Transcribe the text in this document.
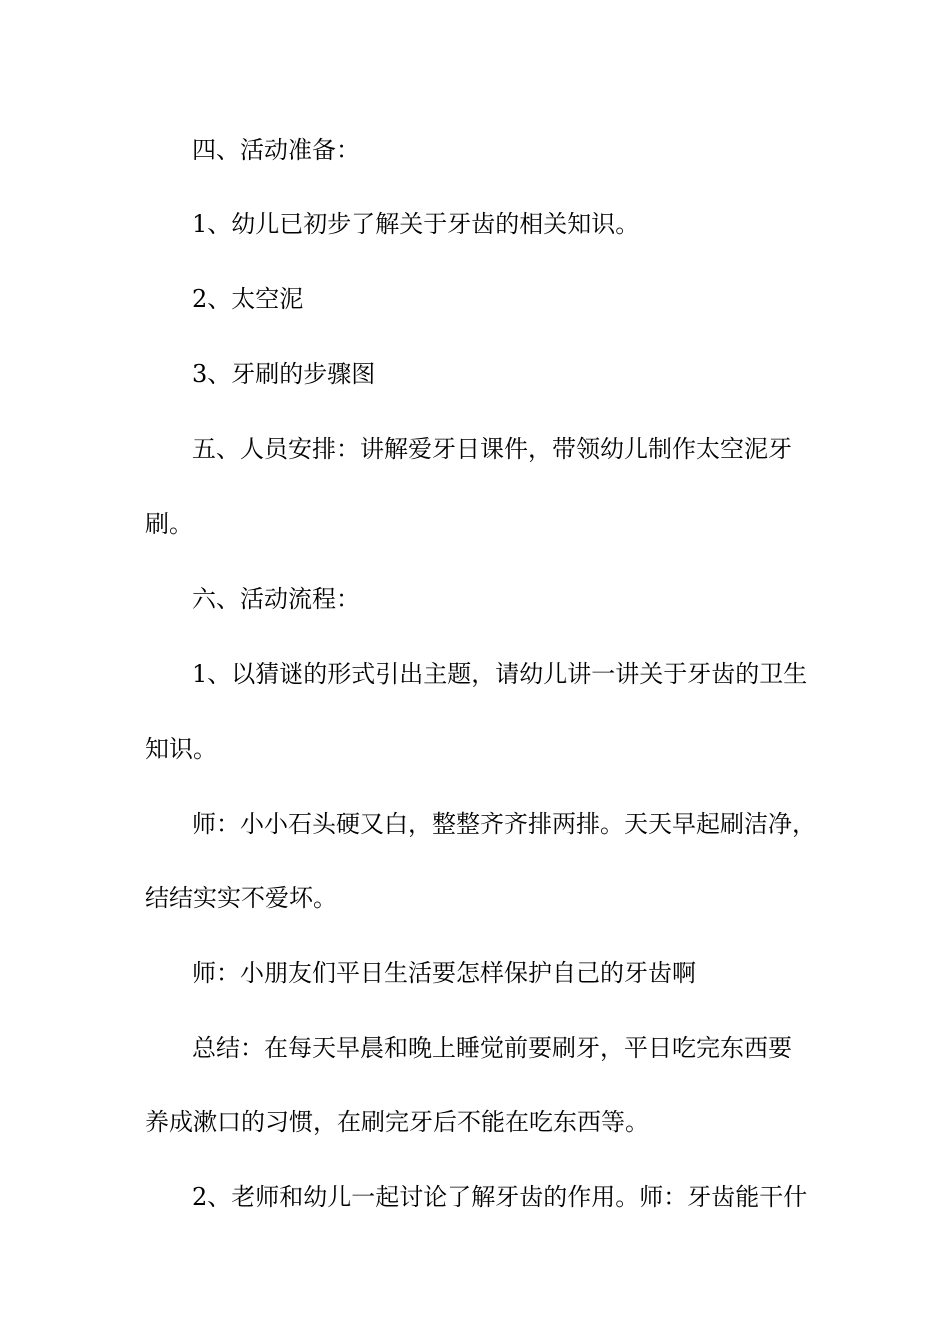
四、活动准备：
1、幼儿已初步了解关于牙齿的相关知识。
2、太空泥
3、牙刷的步骤图
五、人员安排：讲解爱牙日课件，带领幼儿制作太空泥牙
刷。
六、活动流程：
1、以猜谜的形式引出主题，请幼儿讲一讲关于牙齿的卫生
知识。
师：小小石头硬又白，整整齐齐排两排。天天早起刷洁净，
结结实实不爱坏。
师：小朋友们平日生活要怎样保护自己的牙齿啊
总结：在每天早晨和晚上睡觉前要刷牙，平日吃完东西要
养成漱口的习惯，在刷完牙后不能在吃东西等。
2、老师和幼儿一起讨论了解牙齿的作用。师：牙齿能干什
